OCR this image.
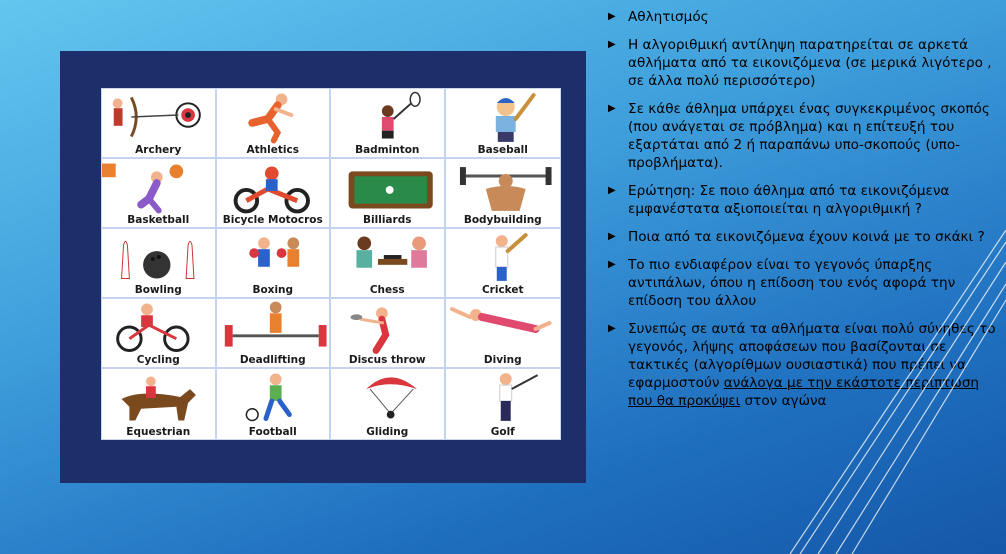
Archery	Athletics	Badminton	Baseball
Basketball	Bicycle Motocros	Billiards	Bodybuilding
Bowling	Boxing	Chess	Cricket
Cycling	Deadlifting	Discus throw	Diving
Equestrian	Football	Gliding	Golf
▶ Αθλητισμός
▶ Η αλγοριθμική αντίληψη παρατηρείται σε αρκετά αθλήματα από τα εικονιζόμενα (σε μερικά λιγότερο , σε άλλα πολύ περισσότερο)
▶ Σε κάθε άθλημα υπάρχει ένας συγκεκριμένος σκοπός (που ανάγεται σε πρόβλημα) και η επίτευξή του εξαρτάται από 2 ή παραπάνω υπο-σκοπούς (υπο-προβλήματα).
▶ Ερώτηση: Σε ποιο άθλημα από τα εικονιζόμενα εμφανέστατα αξιοποιείται η αλγοριθμική ?
▶ Ποια από τα εικονιζόμενα έχουν κοινά με το σκάκι ?
▶ Το πιο ενδιαφέρον είναι το γεγονός ύπαρξης αντιπάλων, όπου η επίδοση του ενός αφορά την επίδοση του άλλου
▶ Συνεπώς σε αυτά τα αθλήματα είναι πολύ σύνηθες το γεγονός, λήψης αποφάσεων που βασίζονται σε τακτικές (αλγορίθμων ουσιαστικά) που πρέπει να εφαρμοστούν ανάλογα με την εκάστοτε περίπτωση που θα προκύψει στον αγώνα
